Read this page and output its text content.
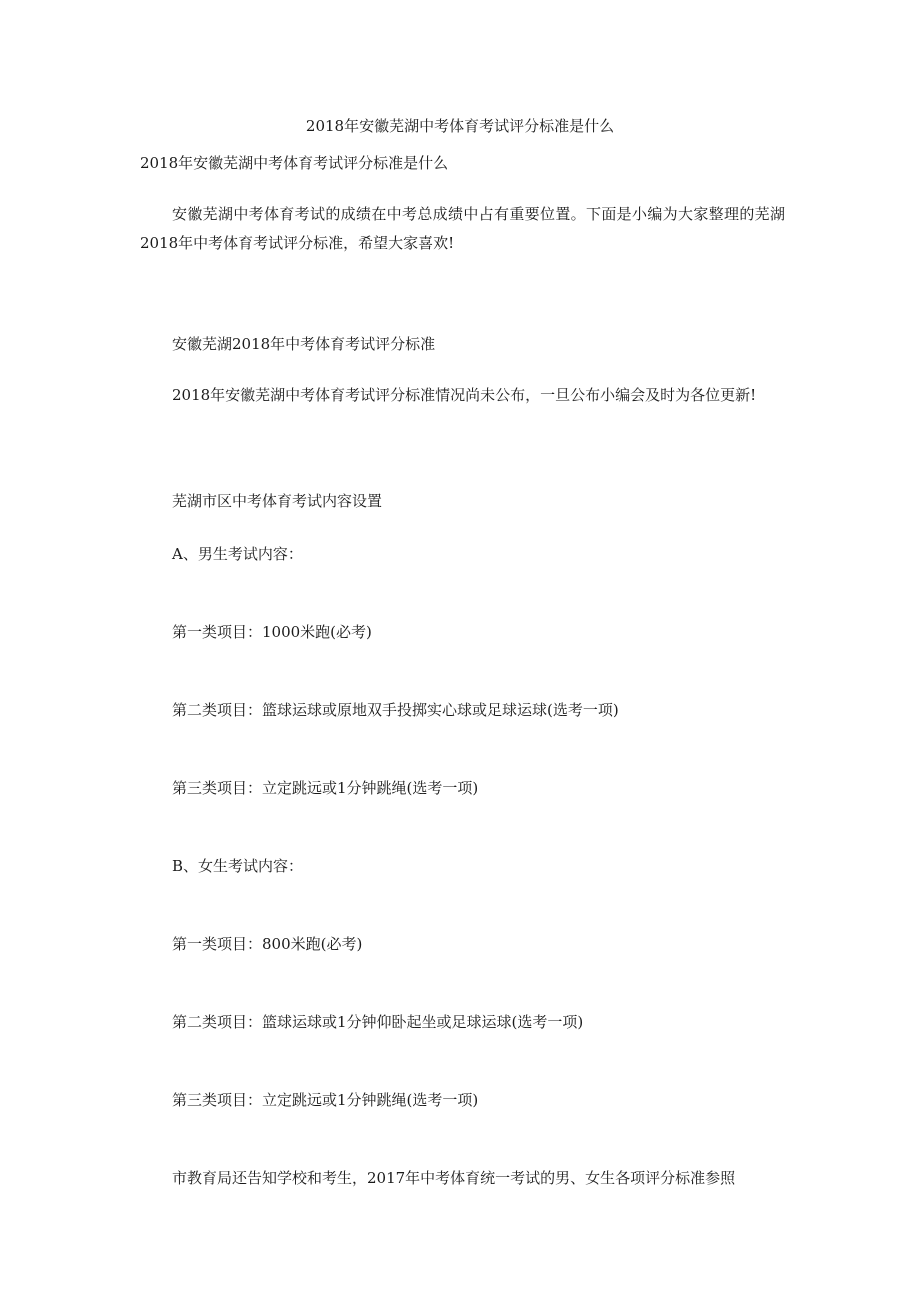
2018年安徽芜湖中考体育考试评分标准是什么

2018年安徽芜湖中考体育考试评分标准是什么

安徽芜湖中考体育考试的成绩在中考总成绩中占有重要位置。下面是小编为大家整理的芜湖2018年中考体育考试评分标准，希望大家喜欢!

安徽芜湖2018年中考体育考试评分标准

2018年安徽芜湖中考体育考试评分标准情况尚未公布，一旦公布小编会及时为各位更新!

芜湖市区中考体育考试内容设置

A、男生考试内容：

第一类项目：1000米跑(必考)

第二类项目：篮球运球或原地双手投掷实心球或足球运球(选考一项)

第三类项目：立定跳远或1分钟跳绳(选考一项)

B、女生考试内容：

第一类项目：800米跑(必考)

第二类项目：篮球运球或1分钟仰卧起坐或足球运球(选考一项)

第三类项目：立定跳远或1分钟跳绳(选考一项)

市教育局还告知学校和考生，2017年中考体育统一考试的男、女生各项评分标准参照
